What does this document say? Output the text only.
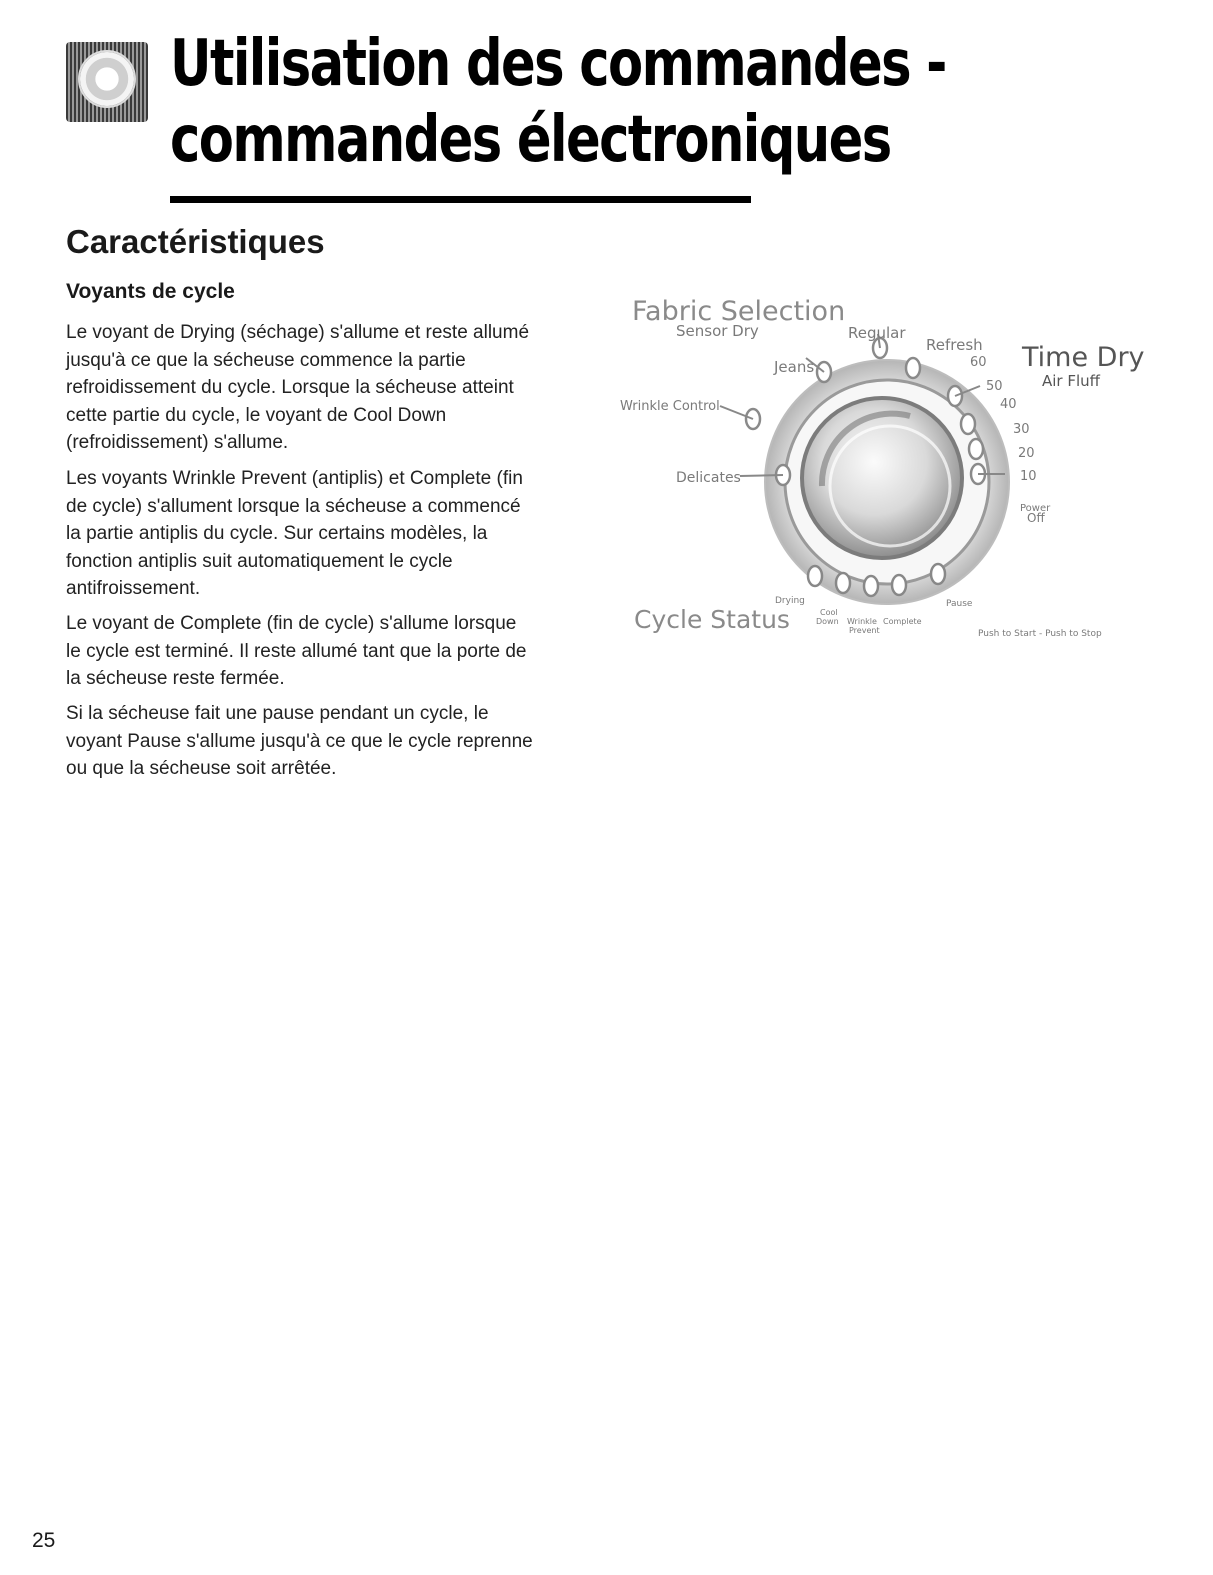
Utilisation des commandes -
commandes électroniques
Caractéristiques
Voyants de cycle

Le voyant de Drying (séchage) s'allume et reste allumé
jusqu'à ce que la sécheuse commence la partie
refroidissement du cycle. Lorsque la sécheuse atteint
cette partie du cycle, le voyant de Cool Down
(refroidissement) s'allume.

Les voyants Wrinkle Prevent (antiplis) et Complete (fin
de cycle) s'allument lorsque la sécheuse a commencé
la partie antiplis du cycle. Sur certains modèles, la
fonction antiplis suit automatiquement le cycle
antifroissement.

Le voyant de Complete (fin de cycle) s'allume lorsque
le cycle est terminé. Il reste allumé tant que la porte de
la sécheuse reste fermée.

Si la sécheuse fait une pause pendant un cycle, le
voyant Pause s'allume jusqu'à ce que le cycle reprenne
ou que la sécheuse soit arrêtée.

Fabric Selection
Sensor Dry	Regular
Refresh
Jeans
Wrinkle Control
Delicates
Time Dry
Air Fluff
60
50
40
30
20
10
Power
Off
Cycle Status
Drying
Cool
Down Wrinkle
Prevent
Complete
Pause
Push to Start - Push to Stop
25
